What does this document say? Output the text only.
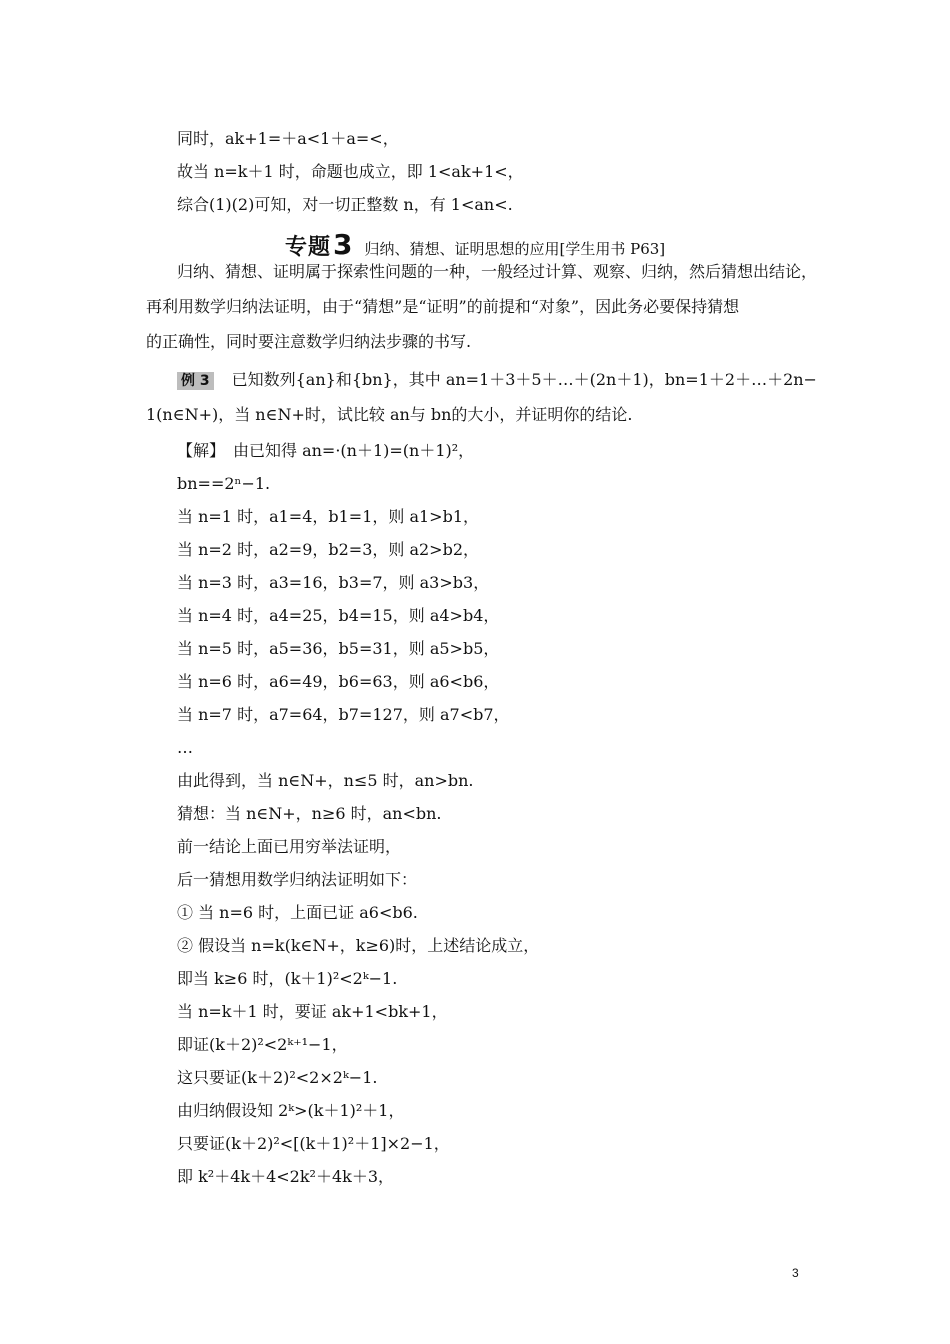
同时，ak+1=＋a<1＋a=<，
故当 n=k＋1 时，命题也成立，即 1<ak+1<，
综合(1)(2)可知，对一切正整数 n，有 1<an<.
专题3 归纳、猜想、证明思想的应用[学生用书 P63]
归纳、猜想、证明属于探索性问题的一种，一般经过计算、观察、归纳，然后猜想出结论，
再利用数学归纳法证明，由于“猜想”是“证明”的前提和“对象”，因此务必要保持猜想
的正确性，同时要注意数学归纳法步骤的书写.
例 3 已知数列{an}和{bn}，其中 an=1＋3＋5＋…＋(2n＋1)，bn=1＋2＋…＋2n−
1(n∈N+)，当 n∈N+时，试比较 an与 bn的大小，并证明你的结论.
【解】　由已知得 an=·(n＋1)=(n＋1)²，
bn==2ⁿ−1.
当 n=1 时，a1=4，b1=1，则 a1>b1，
当 n=2 时，a2=9，b2=3，则 a2>b2，
当 n=3 时，a3=16，b3=7，则 a3>b3，
当 n=4 时，a4=25，b4=15，则 a4>b4，
当 n=5 时，a5=36，b5=31，则 a5>b5，
当 n=6 时，a6=49，b6=63，则 a6<b6，
当 n=7 时，a7=64，b7=127，则 a7<b7，
…
由此得到，当 n∈N+，n≤5 时，an>bn.
猜想：当 n∈N+，n≥6 时，an<bn.
前一结论上面已用穷举法证明，
后一猜想用数学归纳法证明如下：
① 当 n=6 时，上面已证 a6<b6.
② 假设当 n=k(k∈N+，k≥6)时，上述结论成立，
即当 k≥6 时，(k＋1)²<2ᵏ−1.
当 n=k＋1 时，要证 ak+1<bk+1，
即证(k＋2)²<2ᵏ⁺¹−1，
这只要证(k＋2)²<2×2ᵏ−1.
由归纳假设知 2ᵏ>(k＋1)²＋1，
只要证(k＋2)²<[(k＋1)²＋1]×2−1，
即 k²＋4k＋4<2k²＋4k＋3，
3
